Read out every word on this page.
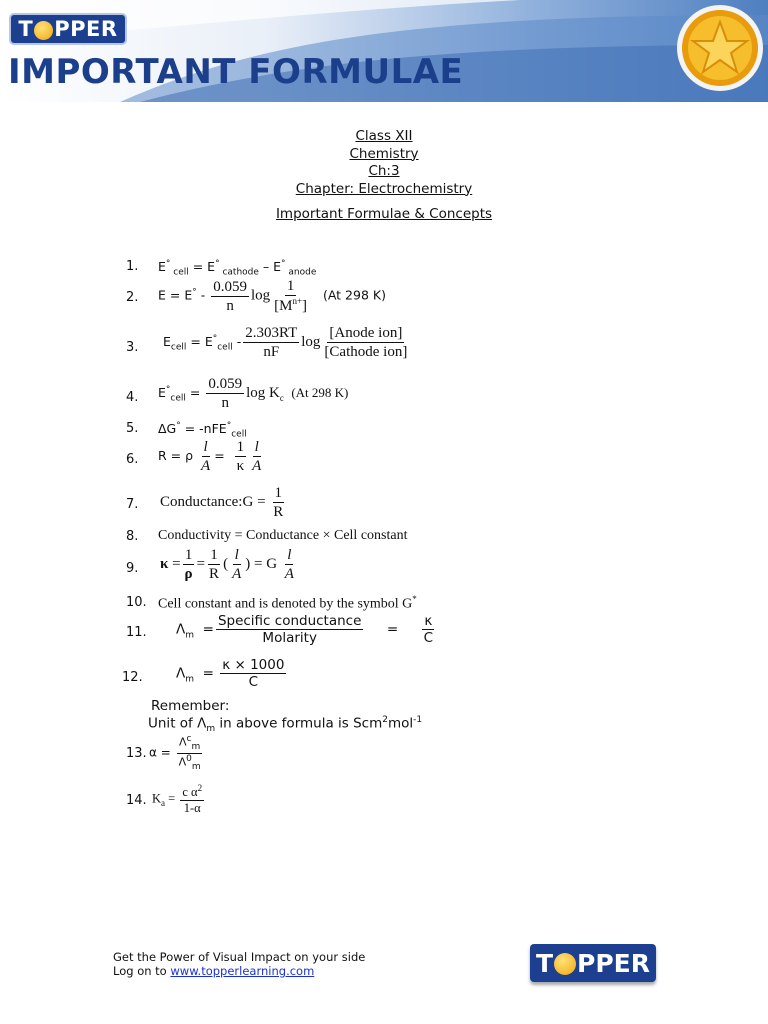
T PPER
IMPORTANT FORMULAE
Class XII
Chemistry
Ch:3
Chapter: Electrochemistry
Important Formulae & Concepts
1. E° $_{cell}$ = E° $_{cathode}$ – E° $_{anode}$
2. $E = E^\circ - \frac{0.059}{n}$ $\log \frac{1}{[M^{n+}]} (At$ 298 K)
3. $E_{cell} = E^\circ_{cell} - \frac{2.303RT}{nF}$ $\log \frac{\text{[Anode ion]}}{\text{[Cathode ion]}}$
4. $E^\circ_{cell} = \frac{0.059}{n}$ $\log K_c$ (At 298 K)
5. ΔG° = -nFE°$_{cell}$
6. R = ρ $\frac{l}{A} = \frac{1}{\kappa} \frac{l}{A}$
7. Conductance:G = $\frac{1}{R}$
8. Conductivity = Conductance × Cell constant
9. $\kappa = \frac{1}{\rho} = \frac{1}{R}$ ( $\frac{l}{A}$ ) = G $\frac{l}{A}$
10. Cell constant and is denoted by the symbol G*
11. $\Lambda_m = \frac{\text{Specific conductance}}{\text{Molarity}} = \frac{\kappa}{C}$
12. $\Lambda_m = \frac{\kappa \times 1000}{C}$
Remember:
Unit of $\Lambda_m$ in above formula is Scm$^2$mol$^{-1}$
13. $\alpha = \frac{\Lambda^c_m}{\Lambda^0_m}$
14. $K_a = \frac{c \alpha^2}{1-\alpha}$
Get the Power of Visual Impact on your side
Log on to www.topperlearning.com	T PPER
